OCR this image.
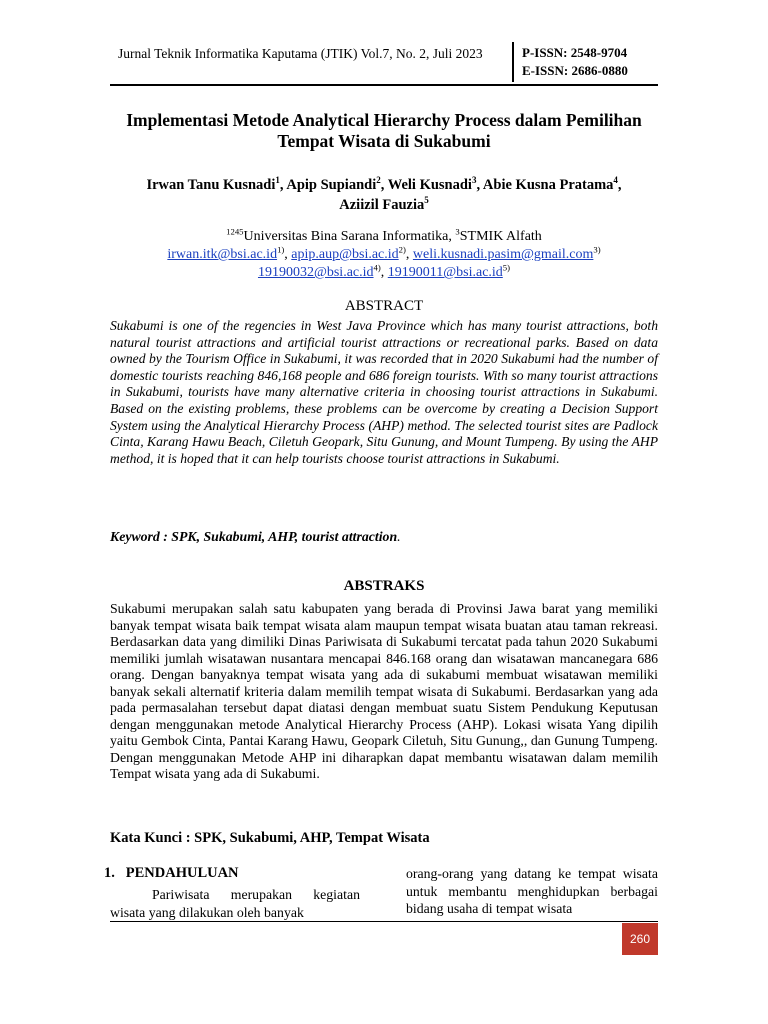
Jurnal Teknik Informatika Kaputama (JTIK) Vol.7, No. 2, Juli 2023	P-ISSN: 2548-9704
E-ISSN: 2686-0880
Implementasi Metode Analytical Hierarchy Process dalam Pemilihan Tempat Wisata di Sukabumi
Irwan Tanu Kusnadi$^1$, Apip Supiandi$^2$, Weli Kusnadi$^3$, Abie Kusna Pratama$^4$,
Aziizil Fauzia$^5$
$^{1245}$Universitas Bina Sarana Informatika, $^3$STMIK Alfath
$irwan.itk@bsi.ac.id^{1)}$, $apip.aup@bsi.ac.id^{2)}$, weli.kusnadi.pasim@gmail.com$^{3)}$
$19190032@bsi.ac.id^{4)}$, $19190011@bsi.ac.id^{5)}$
ABSTRACT
Sukabumi is one of the regencies in West Java Province which has many tourist attractions, both natural tourist attractions and artificial tourist attractions or recreational parks. Based on data owned by the Tourism Office in Sukabumi, it was recorded that in 2020 Sukabumi had the number of domestic tourists reaching 846,168 people and 686 foreign tourists. With so many tourist attractions in Sukabumi, tourists have many alternative criteria in choosing tourist attractions in Sukabumi. Based on the existing problems, these problems can be overcome by creating a Decision Support System using the Analytical Hierarchy Process (AHP) method. The selected tourist sites are Padlock Cinta, Karang Hawu Beach, Ciletuh Geopark, Situ Gunung, and Mount Tumpeng. By using the AHP method, it is hoped that it can help tourists choose tourist attractions in Sukabumi.
Keyword : SPK, Sukabumi, AHP, tourist attraction.
ABSTRAKS
Sukabumi merupakan salah satu kabupaten yang berada di Provinsi Jawa barat yang memiliki banyak tempat wisata baik tempat wisata alam maupun tempat wisata buatan atau taman rekreasi. Berdasarkan data yang dimiliki Dinas Pariwisata di Sukabumi tercatat pada tahun 2020 Sukabumi memiliki jumlah wisatawan nusantara mencapai 846.168 orang dan wisatawan mancanegara 686 orang. Dengan banyaknya tempat wisata yang ada di sukabumi membuat wisatawan memiliki banyak sekali alternatif kriteria dalam memilih tempat wisata di Sukabumi. Berdasarkan yang ada pada permasalahan tersebut dapat diatasi dengan membuat suatu Sistem Pendukung Keputusan dengan menggunakan metode Analytical Hierarchy Process (AHP). Lokasi wisata Yang dipilih yaitu Gembok Cinta, Pantai Karang Hawu, Geopark Ciletuh, Situ Gunung,, dan Gunung Tumpeng. Dengan menggunakan Metode AHP ini diharapkan dapat membantu wisatawan dalam memilih Tempat wisata yang ada di Sukabumi.
Kata Kunci : SPK, Sukabumi, AHP, Tempat Wisata
1.   PENDAHULUAN
Pariwisata merupakan kegiatan wisata yang dilakukan oleh banyak
orang-orang yang datang ke tempat wisata untuk membantu menghidupkan berbagai bidang usaha di tempat wisata
260
